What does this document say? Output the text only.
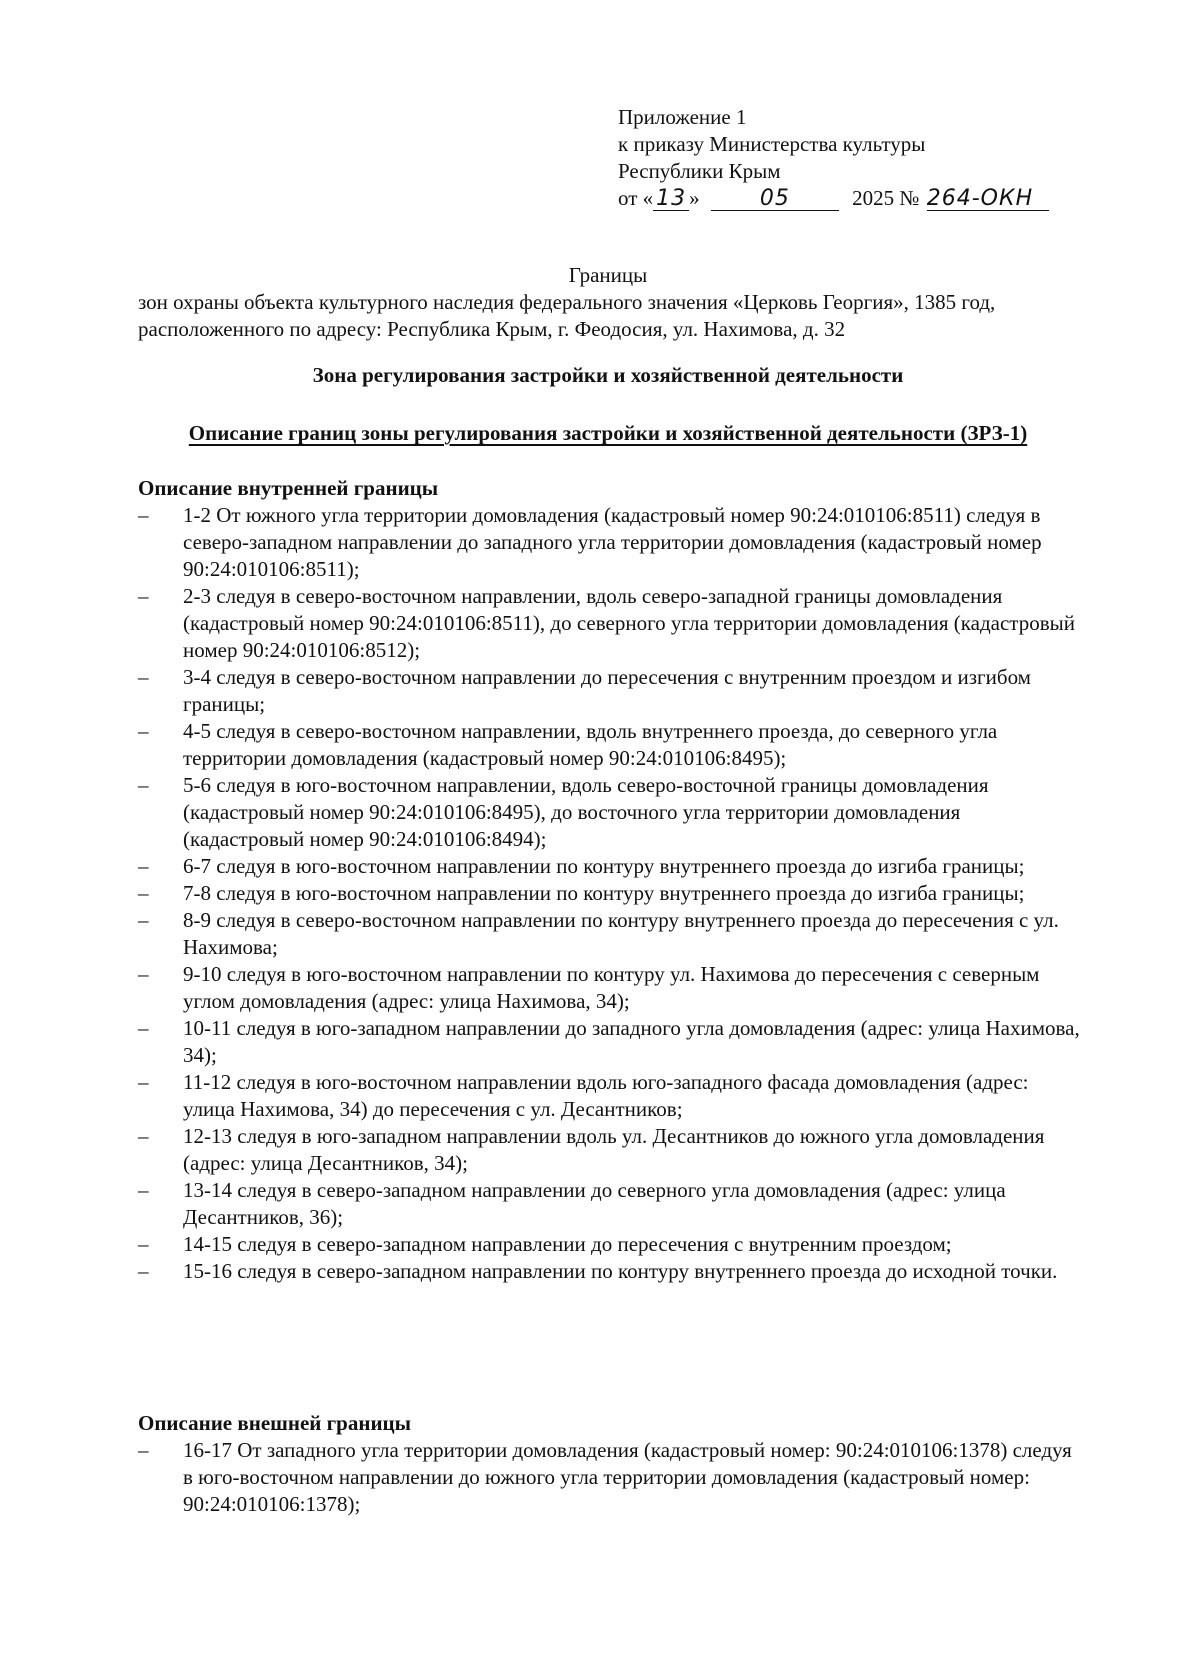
Приложение 1
к приказу Министерства культуры
Республики Крым
от « 13 »	05	2025 № 264-ОКН
Границы
зон охраны объекта культурного наследия федерального значения «Церковь Георгия», 1385 год, расположенного по адресу: Республика Крым, г. Феодосия, ул. Нахимова, д. 32
Зона регулирования застройки и хозяйственной деятельности
Описание границ зоны регулирования застройки и хозяйственной деятельности (ЗРЗ-1)
Описание внутренней границы
– 1-2 От южного угла территории домовладения (кадастровый номер 90:24:010106:8511) следуя в северо-западном направлении до западного угла территории домовладения (кадастровый номер 90:24:010106:8511);
– 2-3 следуя в северо-восточном направлении, вдоль северо-западной границы домовладения (кадастровый номер 90:24:010106:8511), до северного угла территории домовладения (кадастровый номер 90:24:010106:8512);
– 3-4 следуя в северо-восточном направлении до пересечения с внутренним проездом и изгибом границы;
– 4-5 следуя в северо-восточном направлении, вдоль внутреннего проезда, до северного угла территории домовладения (кадастровый номер 90:24:010106:8495);
– 5-6 следуя в юго-восточном направлении, вдоль северо-восточной границы домовладения (кадастровый номер 90:24:010106:8495), до восточного угла территории домовладения (кадастровый номер 90:24:010106:8494);
– 6-7 следуя в юго-восточном направлении по контуру внутреннего проезда до изгиба границы;
– 7-8 следуя в юго-восточном направлении по контуру внутреннего проезда до изгиба границы;
– 8-9 следуя в северо-восточном направлении по контуру внутреннего проезда до пересечения с ул. Нахимова;
– 9-10 следуя в юго-восточном направлении по контуру ул. Нахимова до пересечения с северным углом домовладения (адрес: улица Нахимова, 34);
– 10-11 следуя в юго-западном направлении до западного угла домовладения (адрес: улица Нахимова, 34);
– 11-12 следуя в юго-восточном направлении вдоль юго-западного фасада домовладения (адрес: улица Нахимова, 34) до пересечения с ул. Десантников;
– 12-13 следуя в юго-западном направлении вдоль ул. Десантников до южного угла домовладения (адрес: улица Десантников, 34);
– 13-14 следуя в северо-западном направлении до северного угла домовладения (адрес: улица Десантников, 36);
– 14-15 следуя в северо-западном направлении до пересечения с внутренним проездом;
– 15-16 следуя в северо-западном направлении по контуру внутреннего проезда до исходной точки.
Описание внешней границы
– 16-17 От западного угла территории домовладения (кадастровый номер: 90:24:010106:1378) следуя в юго-восточном направлении до южного угла территории домовладения (кадастровый номер: 90:24:010106:1378);
